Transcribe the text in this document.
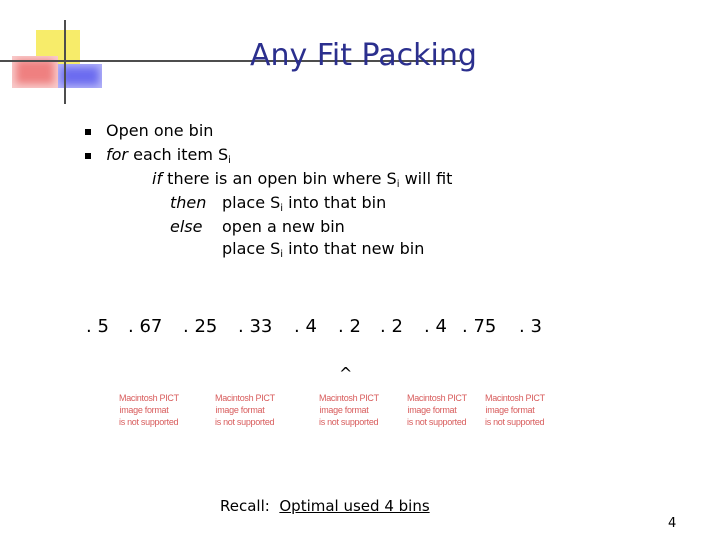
Any Fit Packing
Open one bin
for each item $S_i$
if there is an open bin where $S_i$ will fit
then place $S_i$ into that bin
else open a new bin
place $S_i$ into that new bin
. 5 . 67 . 25 . 33 . 4 . 2 . 2 . 4 . 75 . 3
^
Macintosh PICT
image format
is not supported
Macintosh PICT
image format
is not supported
Macintosh PICT
image format
is not supported
Macintosh PICT
image format
is not supported
Macintosh PICT
image format
is not supported
Recall: Optimal used 4 bins
4
